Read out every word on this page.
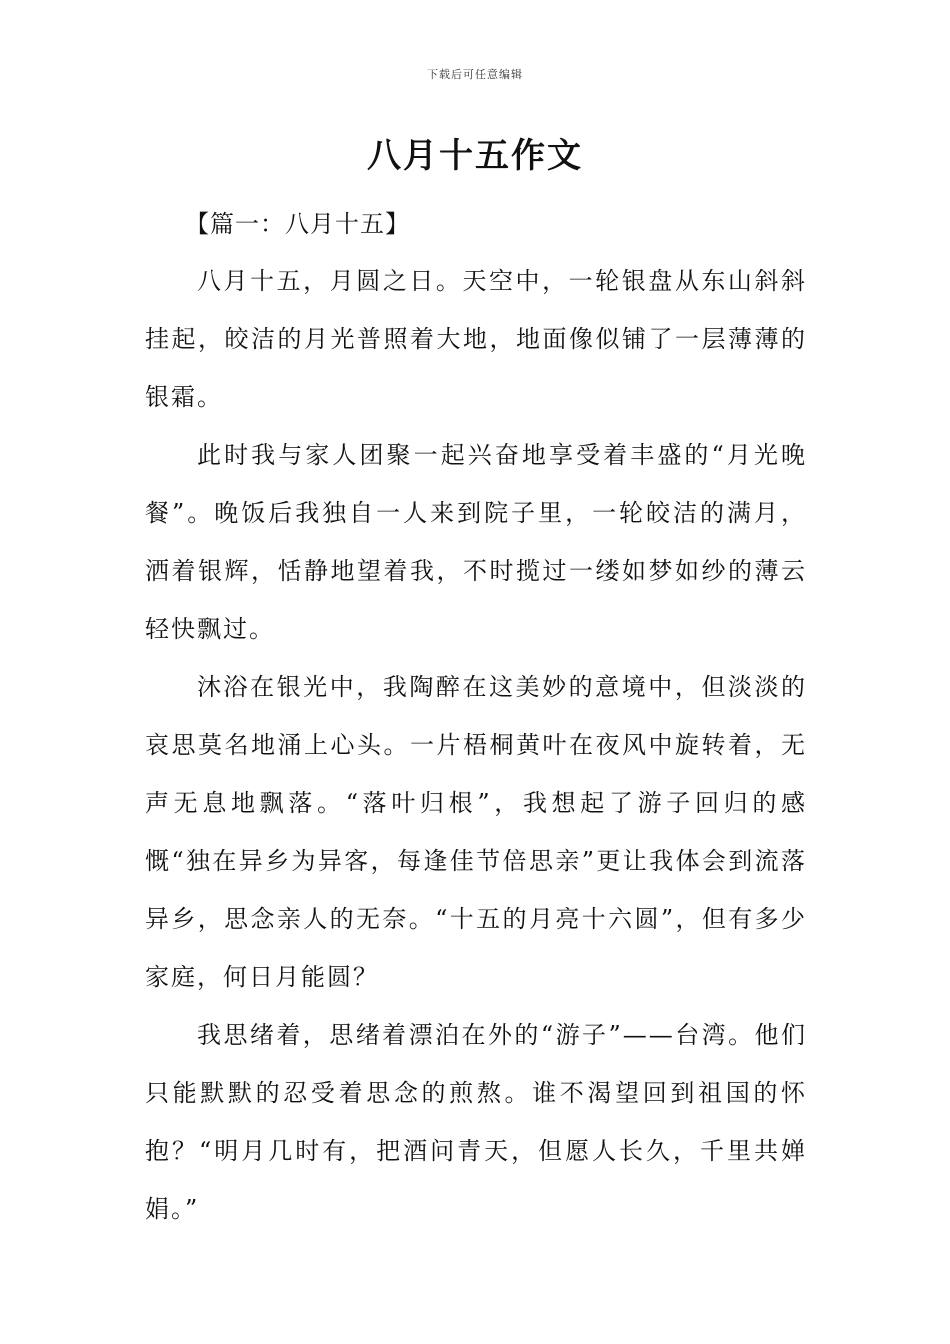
下载后可任意编辑
八月十五作文

【篇一：八月十五】

八月十五，月圆之日。天空中，一轮银盘从东山斜斜挂起，皎洁的月光普照着大地，地面像似铺了一层薄薄的银霜。

此时我与家人团聚一起兴奋地享受着丰盛的“月光晚餐”。晚饭后我独自一人来到院子里，一轮皎洁的满月，洒着银辉，恬静地望着我，不时揽过一缕如梦如纱的薄云轻快飘过。

沐浴在银光中，我陶醉在这美妙的意境中，但淡淡的哀思莫名地涌上心头。一片梧桐黄叶在夜风中旋转着，无声无息地飘落。“落叶归根”，我想起了游子回归的感慨“独在异乡为异客，每逢佳节倍思亲”更让我体会到流落异乡，思念亲人的无奈。“十五的月亮十六圆”，但有多少家庭，何日月能圆？

我思绪着，思绪着漂泊在外的“游子”——台湾。他们只能默默的忍受着思念的煎熬。谁不渴望回到祖国的怀抱？“明月几时有，把酒问青天，但愿人长久，千里共婵娟。”
